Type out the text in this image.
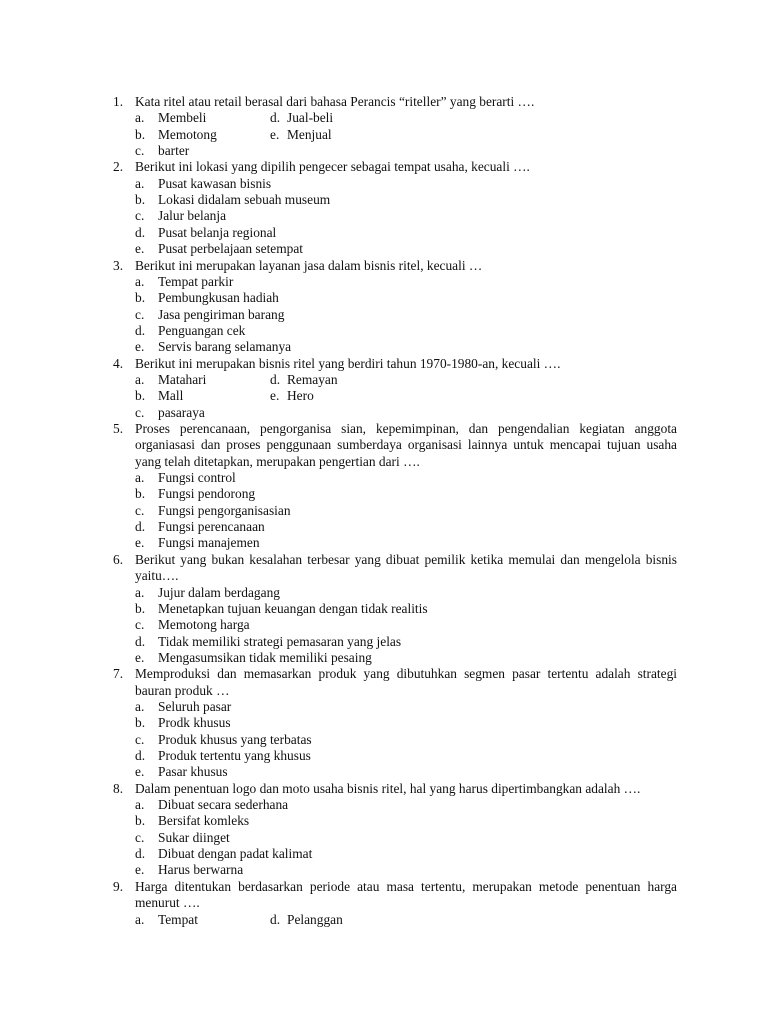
1. Kata ritel atau retail berasal dari bahasa Perancis “riteller” yang berarti ….
a. Membeli	d. Jual-beli
b. Memotong	e. Menjual
c. barter
2. Berikut ini lokasi yang dipilih pengecer sebagai tempat usaha, kecuali ….
a. Pusat kawasan bisnis
b. Lokasi didalam sebuah museum
c. Jalur belanja
d. Pusat belanja regional
e. Pusat perbelajaan setempat
3. Berikut ini merupakan layanan jasa dalam bisnis ritel, kecuali …
a. Tempat parkir
b. Pembungkusan hadiah
c. Jasa pengiriman barang
d. Penguangan cek
e. Servis barang selamanya
4. Berikut ini merupakan bisnis ritel yang berdiri tahun 1970-1980-an, kecuali ….
a. Matahari	d. Remayan
b. Mall	e. Hero
c. pasaraya
5. Proses perencanaan, pengorganisa sian, kepemimpinan, dan pengendalian kegiatan anggota
organiasasi dan proses penggunaan sumberdaya organisasi lainnya untuk mencapai tujuan usaha
yang telah ditetapkan, merupakan pengertian dari ….
a. Fungsi control
b. Fungsi pendorong
c. Fungsi pengorganisasian
d. Fungsi perencanaan
e. Fungsi manajemen
6. Berikut yang bukan kesalahan terbesar yang dibuat pemilik ketika memulai dan mengelola bisnis
yaitu….
a. Jujur dalam berdagang
b. Menetapkan tujuan keuangan dengan tidak realitis
c. Memotong harga
d. Tidak memiliki strategi pemasaran yang jelas
e. Mengasumsikan tidak memiliki pesaing
7. Memproduksi dan memasarkan produk yang dibutuhkan segmen pasar tertentu adalah strategi
bauran produk …
a. Seluruh pasar
b. Prodk khusus
c. Produk khusus yang terbatas
d. Produk tertentu yang khusus
e. Pasar khusus
8. Dalam penentuan logo dan moto usaha bisnis ritel, hal yang harus dipertimbangkan adalah ….
a. Dibuat secara sederhana
b. Bersifat komleks
c. Sukar diinget
d. Dibuat dengan padat kalimat
e. Harus berwarna
9. Harga ditentukan berdasarkan periode atau masa tertentu, merupakan metode penentuan harga
menurut ….
a. Tempat	d. Pelanggan
